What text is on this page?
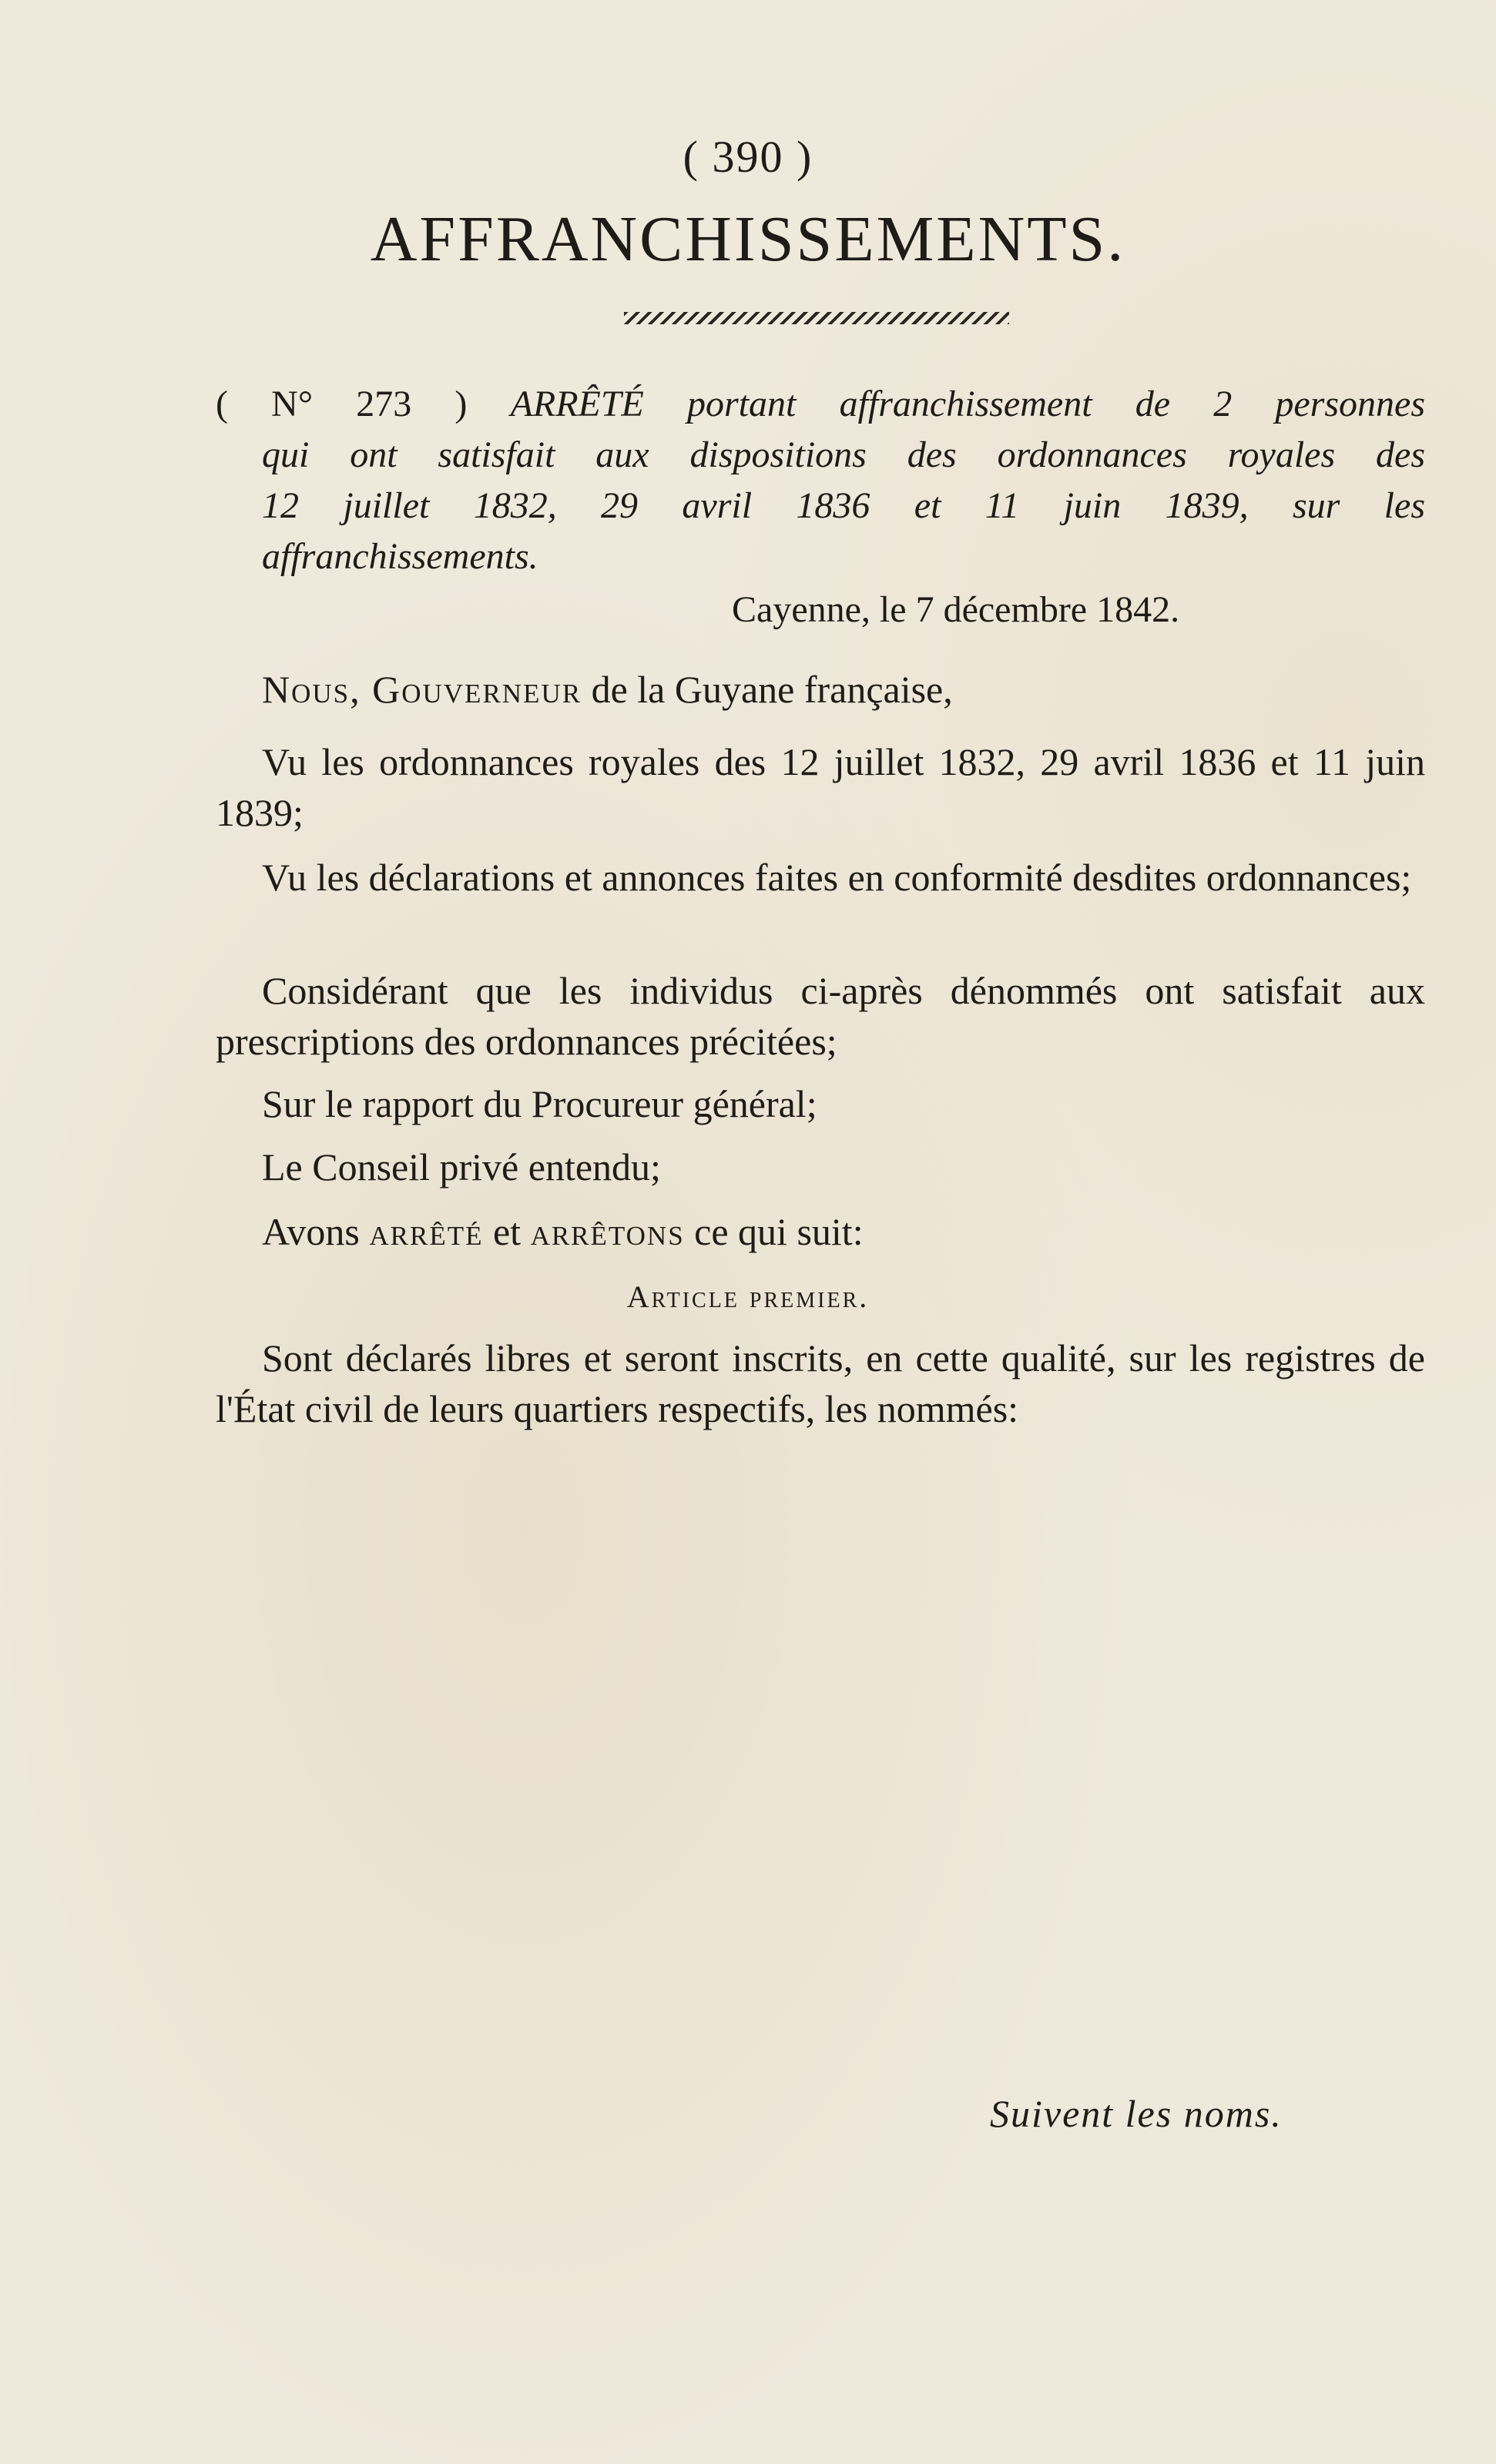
( 390 )
AFFRANCHISSEMENTS.
( N° 273 ) ARRÊTÉ portant affranchissement de 2 personnes
qui ont satisfait aux dispositions des ordonnances royales des
12 juillet 1832, 29 avril 1836 et 11 juin 1839, sur les
affranchissements.
Cayenne, le 7 décembre 1842.

Nous, Gouverneur de la Guyane française,

Vu les ordonnances royales des 12 juillet 1832, 29 avril 1836 et 11 juin 1839;

Vu les déclarations et annonces faites en conformité desdites ordonnances;

Considérant que les individus ci-après dénommés ont satisfait aux prescriptions des ordonnances précitées;

Sur le rapport du Procureur général;

Le Conseil privé entendu;

Avons arrêté et arrêtons ce qui suit:

Article premier.

Sont déclarés libres et seront inscrits, en cette qualité, sur les registres de l'État civil de leurs quartiers respectifs, les nommés:

Suivent les noms.
